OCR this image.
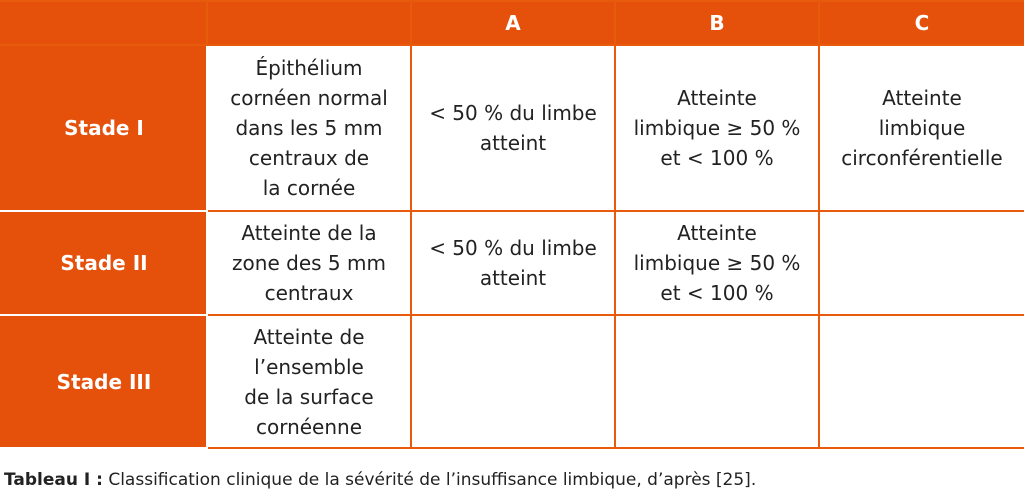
		A	B	C
Stade I	Épithélium
cornéen normal
dans les 5 mm
centraux de
la cornée	< 50 % du limbe
atteint	Atteinte
limbique ≥ 50 %
et < 100 %	Atteinte
limbique
circonférentielle
Stade II	Atteinte de la
zone des 5 mm
centraux	< 50 % du limbe
atteint	Atteinte
limbique ≥ 50 %
et < 100 %	
Stade III	Atteinte de
l’ensemble
de la surface
cornéenne			
Tableau I : Classification clinique de la sévérité de l’insuffisance limbique, d’après [25].
